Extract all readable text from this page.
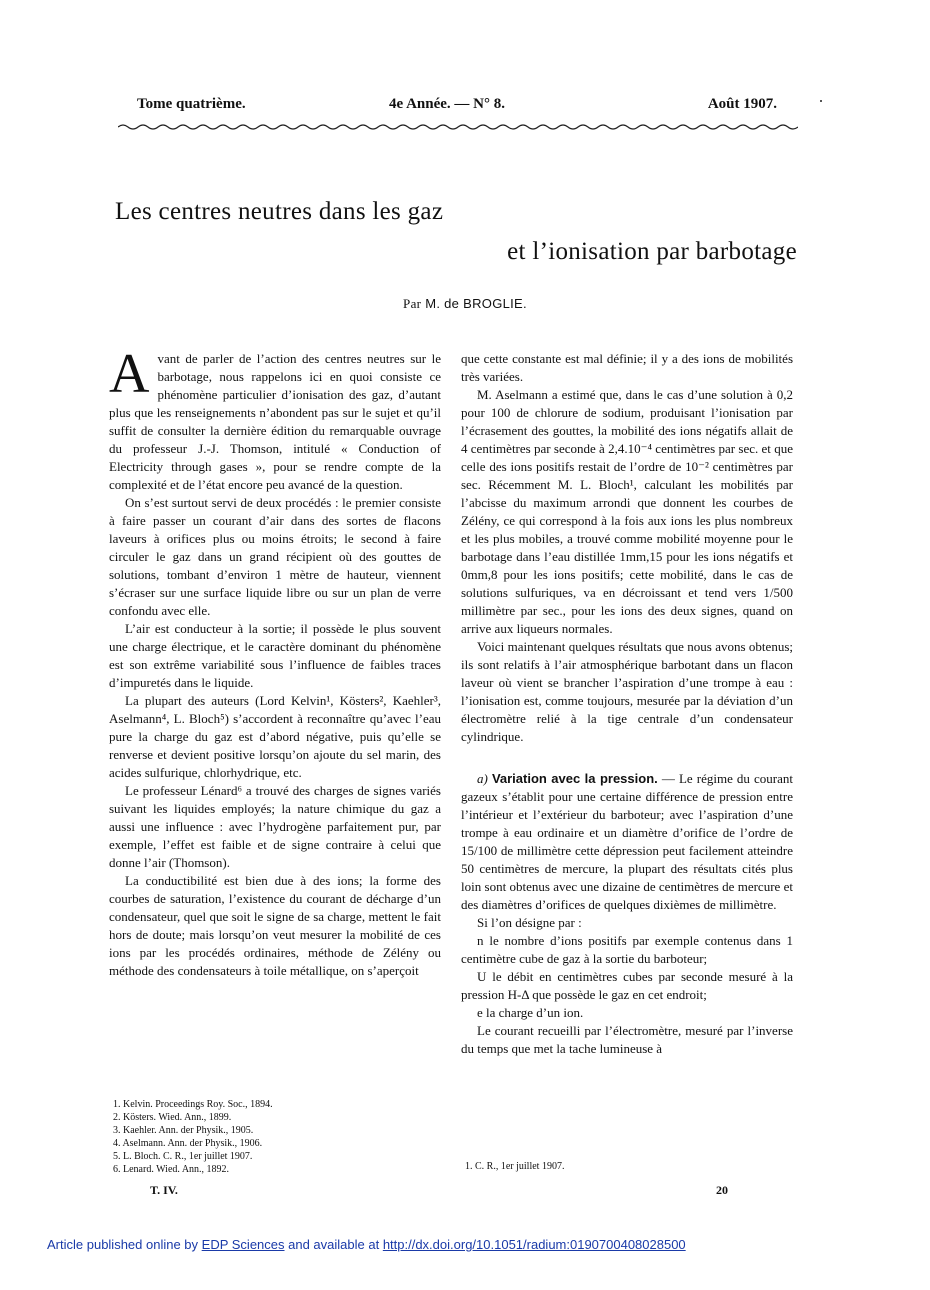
Tome quatrième.	4e Année. — N° 8.	Août 1907.
Les centres neutres dans les gaz
et l’ionisation par barbotage
Par M. de BROGLIE.

Avant de parler de l’action des centres neutres sur le barbotage, nous rappelons ici en quoi consiste ce phénomène particulier d’ionisation des gaz, d’autant plus que les renseignements n’abondent pas sur le sujet et qu’il suffit de consulter la dernière édition du remarquable ouvrage du professeur J.-J. Thomson, intitulé « Conduction of Electricity through gases », pour se rendre compte de la complexité et de l’état encore peu avancé de la question.

On s’est surtout servi de deux procédés : le premier consiste à faire passer un courant d’air dans des sortes de flacons laveurs à orifices plus ou moins étroits; le second à faire circuler le gaz dans un grand récipient où des gouttes de solutions, tombant d’environ 1 mètre de hauteur, viennent s’écraser sur une surface liquide libre ou sur un plan de verre confondu avec elle.

L’air est conducteur à la sortie; il possède le plus souvent une charge électrique, et le caractère dominant du phénomène est son extrême variabilité sous l’influence de faibles traces d’impuretés dans le liquide.

La plupart des auteurs (Lord Kelvin¹, Kösters², Kaehler³, Aselmann⁴, L. Bloch⁵) s’accordent à reconnaître qu’avec l’eau pure la charge du gaz est d’abord négative, puis qu’elle se renverse et devient positive lorsqu’on ajoute du sel marin, des acides sulfurique, chlorhydrique, etc.

Le professeur Lénard⁶ a trouvé des charges de signes variés suivant les liquides employés; la nature chimique du gaz a aussi une influence : avec l’hydrogène parfaitement pur, par exemple, l’effet est faible et de signe contraire à celui que donne l’air (Thomson).

La conductibilité est bien due à des ions; la forme des courbes de saturation, l’existence du courant de décharge d’un condensateur, quel que soit le signe de sa charge, mettent le fait hors de doute; mais lorsqu’on veut mesurer la mobilité de ces ions par les procédés ordinaires, méthode de Zélény ou méthode des condensateurs à toile métallique, on s’aperçoit

1. Kelvin. Proceedings Roy. Soc., 1894.

2. Kösters. Wied. Ann., 1899.

3. Kaehler. Ann. der Physik., 1905.

4. Aselmann. Ann. der Physik., 1906.

5. L. Bloch. C. R., 1er juillet 1907.

6. Lenard. Wied. Ann., 1892.

que cette constante est mal définie; il y a des ions de mobilités très variées.

M. Aselmann a estimé que, dans le cas d’une solution à 0,2 pour 100 de chlorure de sodium, produisant l’ionisation par l’écrasement des gouttes, la mobilité des ions négatifs allait de 4 centimètres par seconde à 2,4.10⁻⁴ centimètres par sec. et que celle des ions positifs restait de l’ordre de 10⁻² centimètres par sec. Récemment M. L. Bloch¹, calculant les mobilités par l’abcisse du maximum arrondi que donnent les courbes de Zélény, ce qui correspond à la fois aux ions les plus nombreux et les plus mobiles, a trouvé comme mobilité moyenne pour le barbotage dans l’eau distillée 1mm,15 pour les ions négatifs et 0mm,8 pour les ions positifs; cette mobilité, dans le cas de solutions sulfuriques, va en décroissant et tend vers 1/500 millimètre par sec., pour les ions des deux signes, quand on arrive aux liqueurs normales.

Voici maintenant quelques résultats que nous avons obtenus; ils sont relatifs à l’air atmosphérique barbotant dans un flacon laveur où vient se brancher l’aspiration d’une trompe à eau : l’ionisation est, comme toujours, mesurée par la déviation d’un électromètre relié à la tige centrale d’un condensateur cylindrique.

a) Variation avec la pression. — Le régime du courant gazeux s’établit pour une certaine différence de pression entre l’intérieur et l’extérieur du barboteur; avec l’aspiration d’une trompe à eau ordinaire et un diamètre d’orifice de l’ordre de 15/100 de millimètre cette dépression peut facilement atteindre 50 centimètres de mercure, la plupart des résultats cités plus loin sont obtenus avec une dizaine de centimètres de mercure et des diamètres d’orifices de quelques dixièmes de millimètre.

Si l’on désigne par :

n le nombre d’ions positifs par exemple contenus dans 1 centimètre cube de gaz à la sortie du barboteur;

U le débit en centimètres cubes par seconde mesuré à la pression H-Δ que possède le gaz en cet endroit;

e la charge d’un ion.

Le courant recueilli par l’électromètre, mesuré par l’inverse du temps que met la tache lumineuse à

1. C. R., 1er juillet 1907.
T. IV.	20
Article published online by EDP Sciences and available at http://dx.doi.org/10.1051/radium:0190700408028500
